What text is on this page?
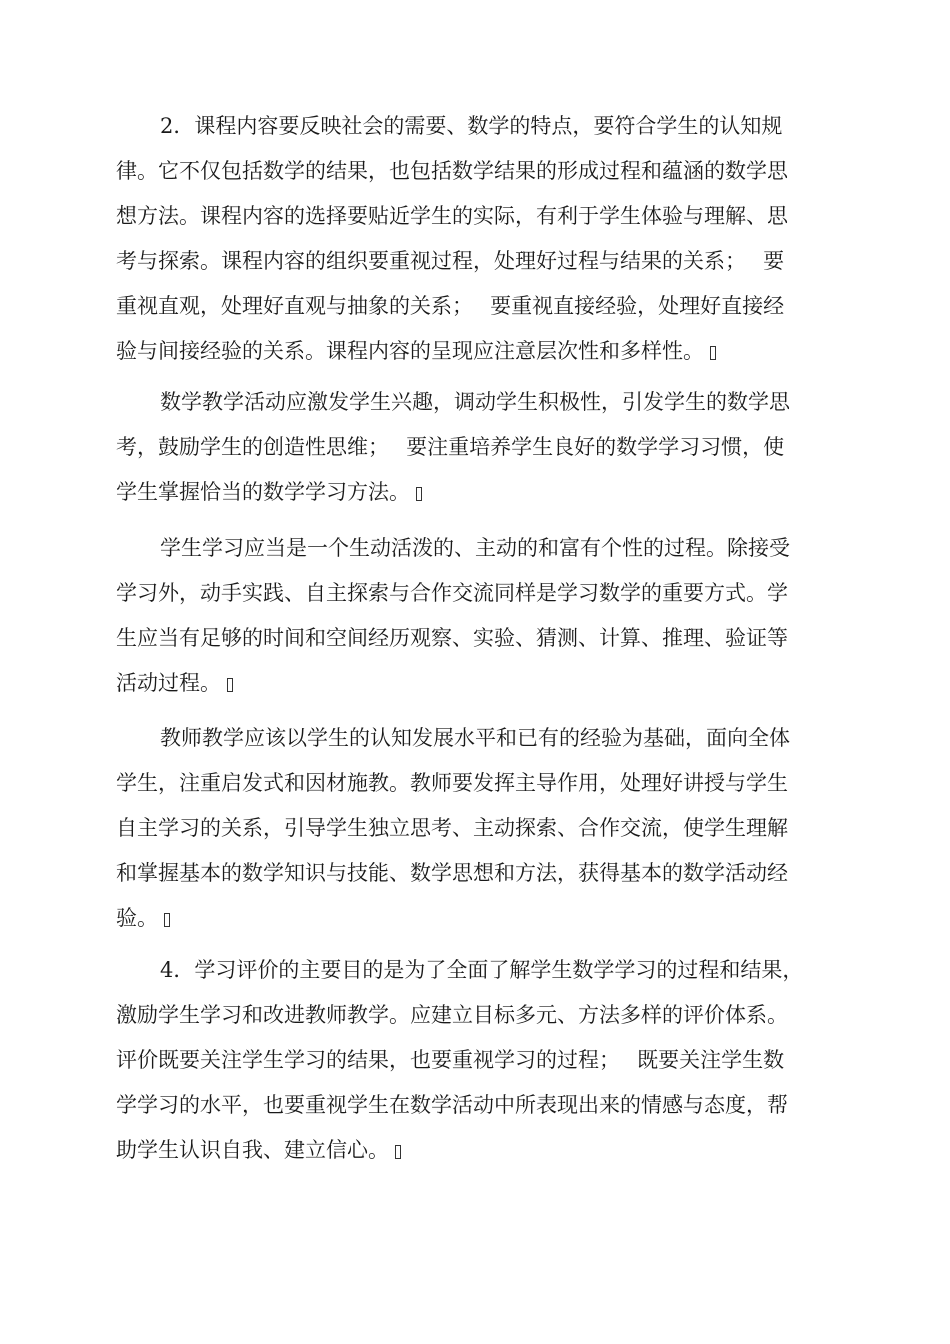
2．课程内容要反映社会的需要、数学的特点，要符合学生的认知规
律。它不仅包括数学的结果，也包括数学结果的形成过程和蕴涵的数学思
想方法。课程内容的选择要贴近学生的实际，有利于学生体验与理解、思
考与探索。课程内容的组织要重视过程，处理好过程与结果的关系；　 要
重视直观，处理好直观与抽象的关系；　 要重视直接经验，处理好直接经
验与间接经验的关系。课程内容的呈现应注意层次性和多样性。

数学教学活动应激发学生兴趣，调动学生积极性，引发学生的数学思
考，鼓励学生的创造性思维；　 要注重培养学生良好的数学学习习惯，使
学生掌握恰当的数学学习方法。

学生学习应当是一个生动活泼的、主动的和富有个性的过程。除接受
学习外，动手实践、自主探索与合作交流同样是学习数学的重要方式。学
生应当有足够的时间和空间经历观察、实验、猜测、计算、推理、验证等
活动过程。

教师教学应该以学生的认知发展水平和已有的经验为基础，面向全体
学生，注重启发式和因材施教。教师要发挥主导作用，处理好讲授与学生
自主学习的关系，引导学生独立思考、主动探索、合作交流，使学生理解
和掌握基本的数学知识与技能、数学思想和方法，获得基本的数学活动经
验。

4．学习评价的主要目的是为了全面了解学生数学学习的过程和结果，
激励学生学习和改进教师教学。应建立目标多元、方法多样的评价体系。
评价既要关注学生学习的结果，也要重视学习的过程；　 既要关注学生数
学学习的水平，也要重视学生在数学活动中所表现出来的情感与态度，帮
助学生认识自我、建立信心。
